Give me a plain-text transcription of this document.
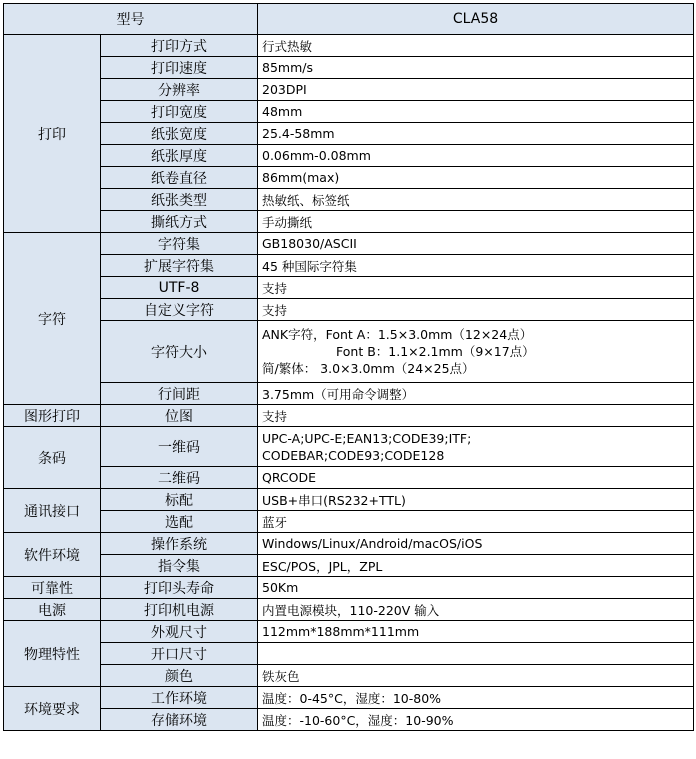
型号		CLA58
打印	打印方式	行式热敏
	打印速度	85mm/s
	分辨率	203DPI
	打印宽度	48mm
	纸张宽度	25.4-58mm
	纸张厚度	0.06mm-0.08mm
	纸卷直径	86mm(max)
	纸张类型	热敏纸、标签纸
	撕纸方式	手动撕纸
字符	字符集	GB18030/ASCII
	扩展字符集	45 种国际字符集
	UTF-8	支持
	自定义字符	支持
	字符大小	ANK字符，Font A：1.5×3.0mm（12×24点）
Font B：1.1×2.1mm（9×17点）
简/繁体： 3.0×3.0mm（24×25点）

	行间距	3.75mm（可用命令调整）
图形打印	位图	支持
条码	一维码	UPC-A;UPC-E;EAN13;CODE39;ITF;
CODEBAR;CODE93;CODE128

	二维码	QRCODE
通讯接口	标配	USB+串口(RS232+TTL)
	选配	蓝牙
软件环境	操作系统	Windows/Linux/Android/macOS/iOS
	指令集	ESC/POS，JPL，ZPL
可靠性	打印头寿命	50Km
电源	打印机电源	内置电源模块，110-220V 输入
物理特性	外观尺寸	112mm*188mm*111mm
	开口尺寸	
	颜色	铁灰色
环境要求	工作环境	温度：0-45°C，湿度：10-80%
	存储环境	温度：-10-60°C，湿度：10-90%
